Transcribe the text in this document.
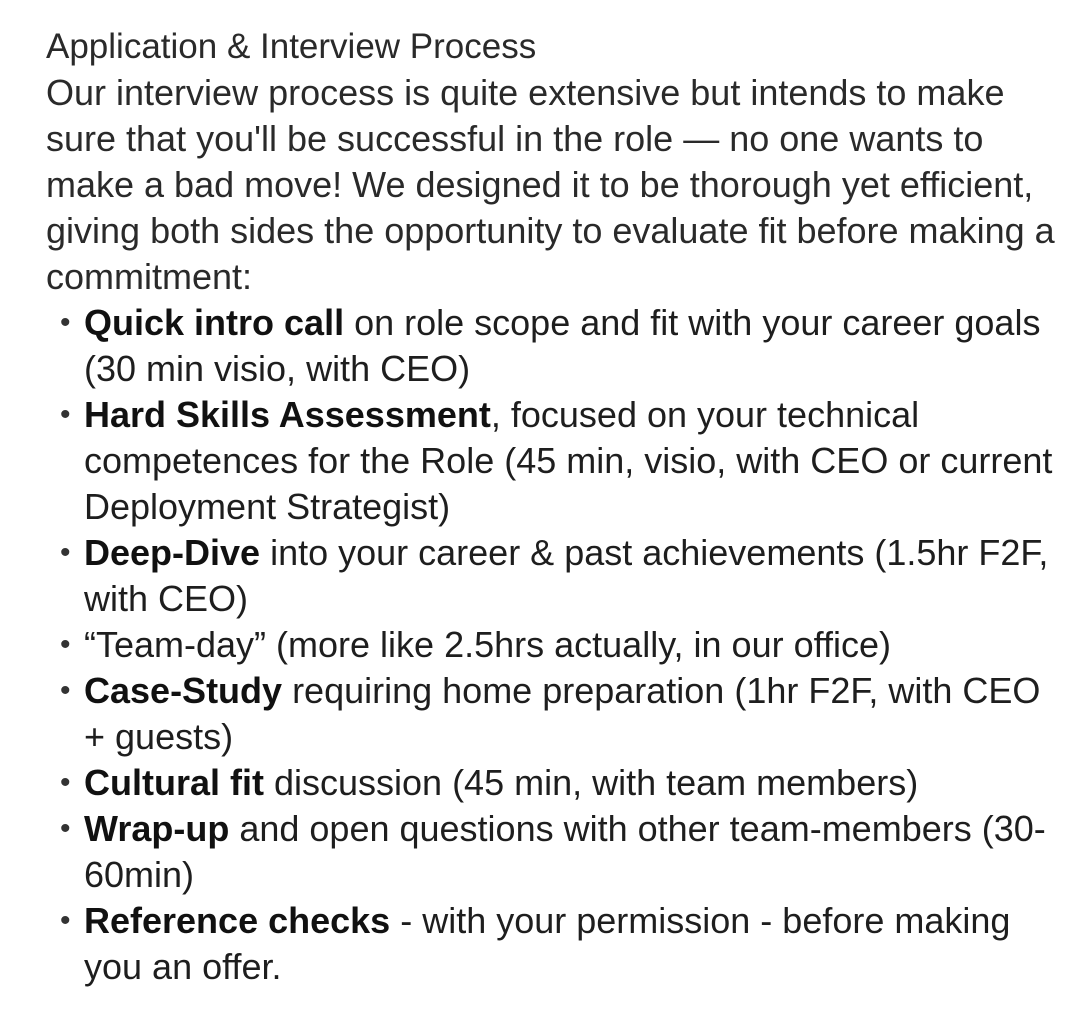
Application & Interview Process

Our interview process is quite extensive but intends to make sure that you'll be successful in the role — no one wants to make a bad move! We designed it to be thorough yet efficient, giving both sides the opportunity to evaluate fit before making a commitment:

• Quick intro call on role scope and fit with your career goals (30 min visio, with CEO)
• Hard Skills Assessment, focused on your technical competences for the Role (45 min, visio, with CEO or current Deployment Strategist)
• Deep-Dive into your career & past achievements (1.5hr F2F, with CEO)
• “Team-day” (more like 2.5hrs actually, in our office)
• Case-Study requiring home preparation (1hr F2F, with CEO + guests)
• Cultural fit discussion (45 min, with team members)
• Wrap-up and open questions with other team-members (30-60min)
• Reference checks - with your permission - before making you an offer.
